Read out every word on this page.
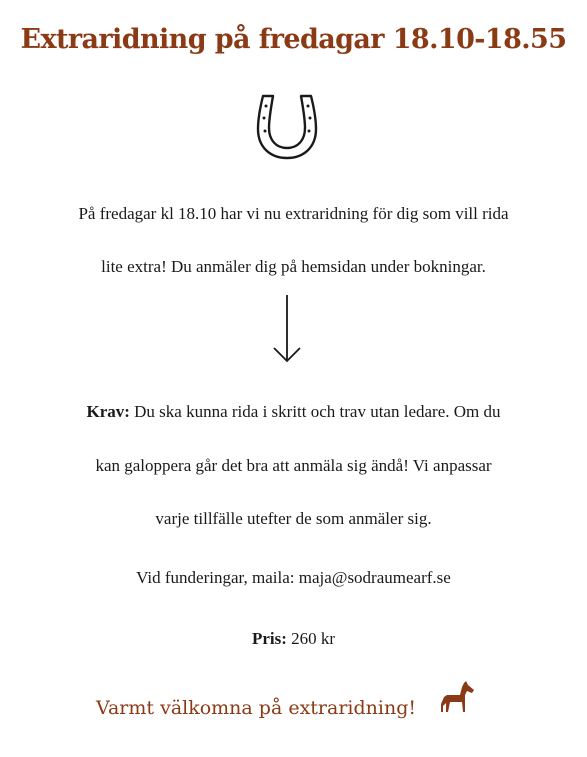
Extraridning på fredagar 18.10-18.55
På fredagar kl 18.10 har vi nu extraridning för dig som vill rida
lite extra! Du anmäler dig på hemsidan under bokningar.
Krav: Du ska kunna rida i skritt och trav utan ledare. Om du
kan galoppera går det bra att anmäla sig ändå! Vi anpassar
varje tillfälle utefter de som anmäler sig.
Vid funderingar, maila: maja@sodraumearf.se
Pris: 260 kr
Varmt välkomna på extraridning!
